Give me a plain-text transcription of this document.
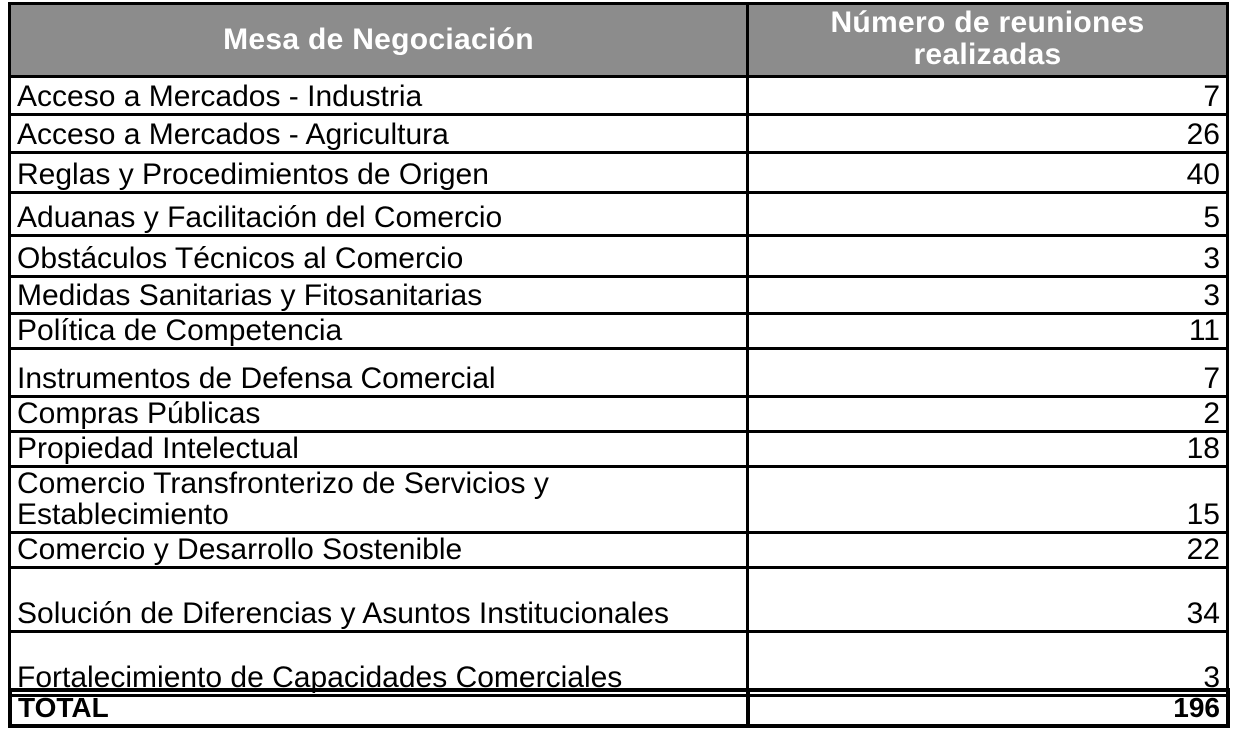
Mesa de Negociación	Número de reuniones realizadas
Acceso a Mercados - Industria	7
Acceso a Mercados - Agricultura	26
Reglas y Procedimientos de Origen	40
Aduanas y Facilitación del Comercio	5
Obstáculos Técnicos al Comercio	3
Medidas Sanitarias y Fitosanitarias	3
Política de Competencia	11
Instrumentos de Defensa Comercial	7
Compras Públicas	2
Propiedad Intelectual	18
Comercio Transfronterizo de Servicios y Establecimiento	15
Comercio y Desarrollo Sostenible	22
Solución de Diferencias y Asuntos Institucionales	34
Fortalecimiento de Capacidades Comerciales	3
TOTAL	196
